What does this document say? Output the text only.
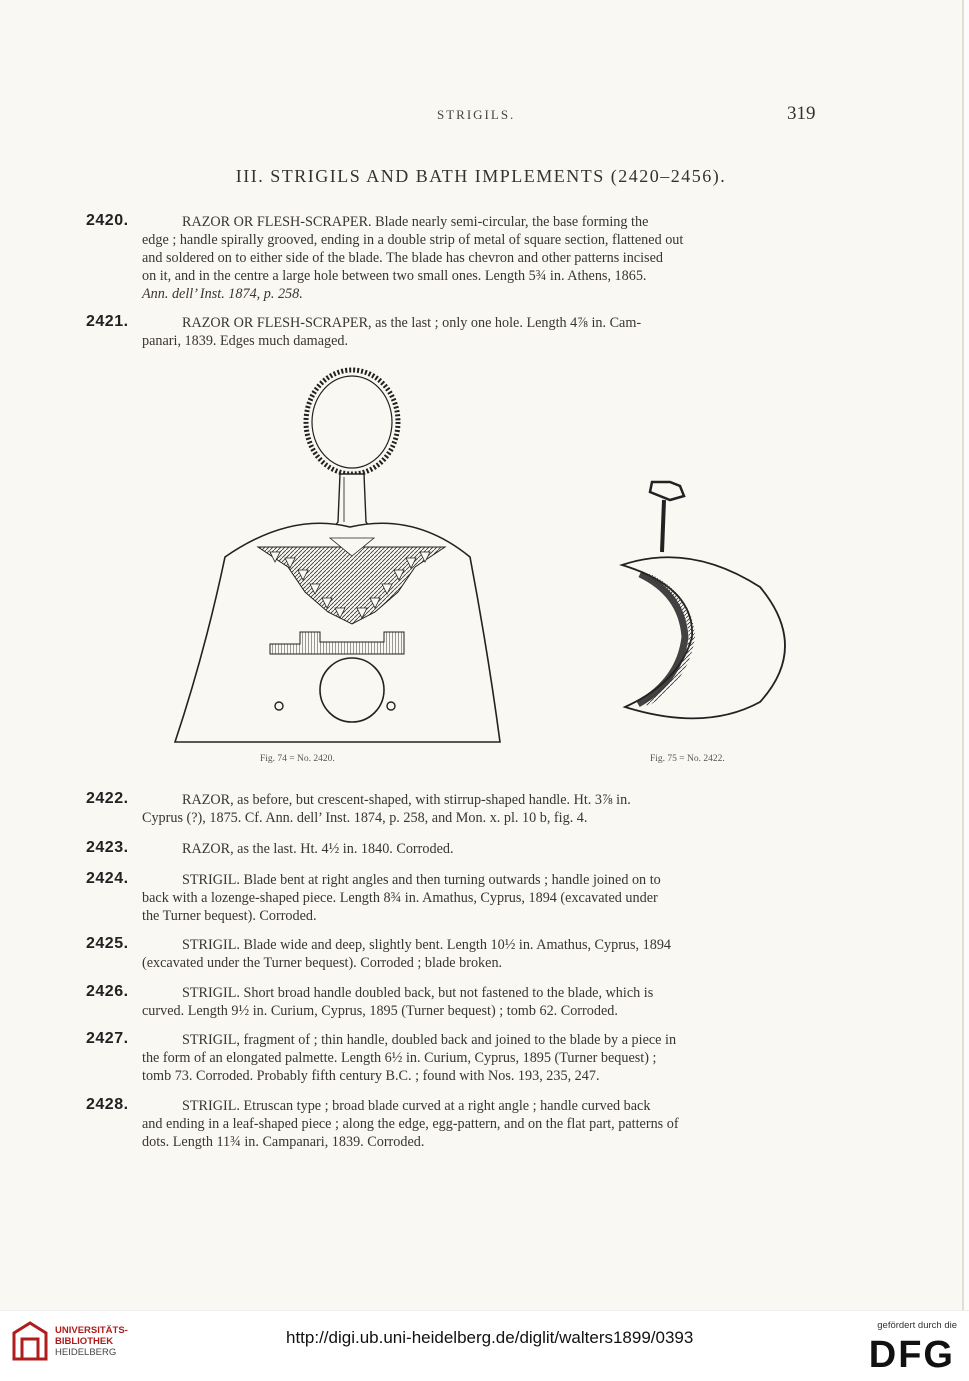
STRIGILS.	319
III. STRIGILS AND BATH IMPLEMENTS (2420–2456).
2420.	RAZOR OR FLESH-SCRAPER. Blade nearly semi-circular, the base forming the
edge ; handle spirally grooved, ending in a double strip of metal of square section, flattened out
and soldered on to either side of the blade. The blade has chevron and other patterns incised
on it, and in the centre a large hole between two small ones. Length 5¾ in. Athens, 1865.
Ann. dell’ Inst. 1874, p. 258.
2421.	RAZOR OR FLESH-SCRAPER, as the last ; only one hole. Length 4⅞ in. Cam-
panari, 1839. Edges much damaged.
Fig. 74 = No. 2420.	Fig. 75 = No. 2422.
2422.	RAZOR, as before, but crescent-shaped, with stirrup-shaped handle. Ht. 3⅞ in.
Cyprus (?), 1875. Cf. Ann. dell’ Inst. 1874, p. 258, and Mon. x. pl. 10 b, fig. 4.
2423.	RAZOR, as the last. Ht. 4½ in. 1840. Corroded.
2424.	STRIGIL. Blade bent at right angles and then turning outwards ; handle joined on to
back with a lozenge-shaped piece. Length 8¾ in. Amathus, Cyprus, 1894 (excavated under
the Turner bequest). Corroded.
2425.	STRIGIL. Blade wide and deep, slightly bent. Length 10½ in. Amathus, Cyprus, 1894
(excavated under the Turner bequest). Corroded ; blade broken.
2426.	STRIGIL. Short broad handle doubled back, but not fastened to the blade, which is
curved. Length 9½ in. Curium, Cyprus, 1895 (Turner bequest) ; tomb 62. Corroded.
2427.	STRIGIL, fragment of ; thin handle, doubled back and joined to the blade by a piece in
the form of an elongated palmette. Length 6½ in. Curium, Cyprus, 1895 (Turner bequest) ;
tomb 73. Corroded. Probably fifth century B.C. ; found with Nos. 193, 235, 247.
2428.	STRIGIL. Etruscan type ; broad blade curved at a right angle ; handle curved back
and ending in a leaf-shaped piece ; along the edge, egg-pattern, and on the flat part, patterns of
dots. Length 11¾ in. Campanari, 1839. Corroded.
UNIVERSITÄTS-
BIBLIOTHEK
HEIDELBERG
http://digi.ub.uni-heidelberg.de/diglit/walters1899/0393
gefördert durch die
DFG
